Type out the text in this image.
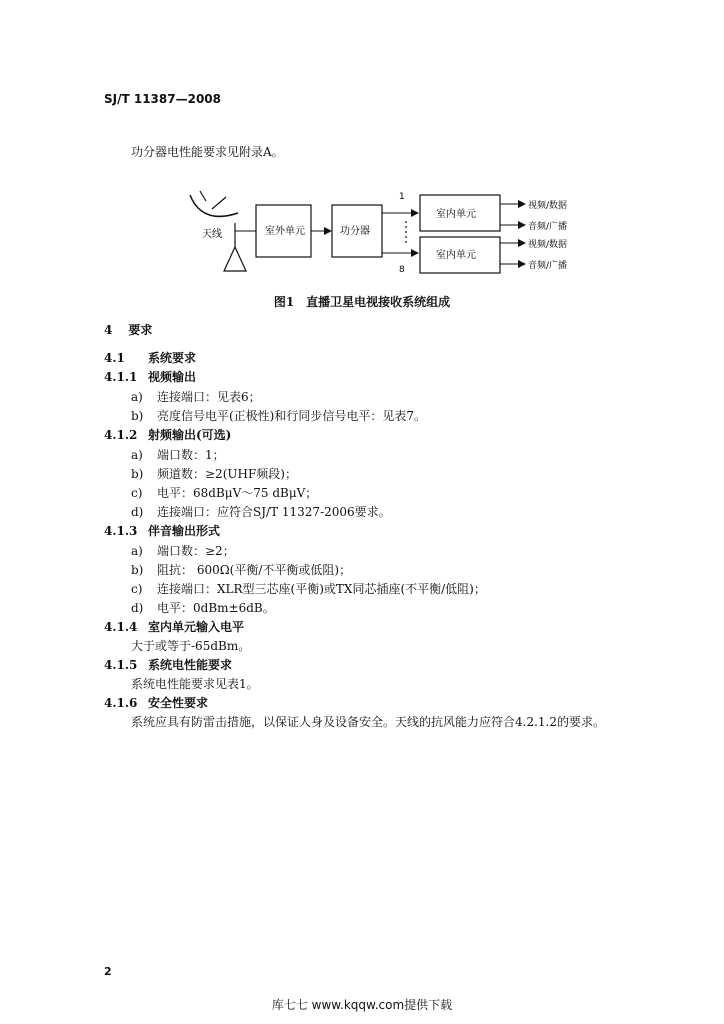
SJ/T 11387—2008
功分器电性能要求见附录A。
天线	室外单元	功分器
1
8
室内单元
室内单元
视频/数据
音频/广播
视频/数据
音频/广播
图1　直播卫星电视接收系统组成
4 要求
4.1 系统要求
4.1.1 视频输出
a) 连接端口：见表6；
b) 亮度信号电平(正极性)和行同步信号电平：见表7。
4.1.2 射频输出(可选)
a) 端口数：1；
b) 频道数：≥2(UHF频段)；
c) 电平：68dBμV～75 dBμV；
d) 连接端口：应符合SJ/T 11327-2006要求。
4.1.3 伴音输出形式
a) 端口数：≥2；
b) 阻抗： 600Ω(平衡/不平衡或低阻)；
c) 连接端口：XLR型三芯座(平衡)或TX同芯插座(不平衡/低阻)；
d) 电平：0dBm±6dB。
4.1.4 室内单元输入电平
大于或等于-65dBm。
4.1.5 系统电性能要求
系统电性能要求见表1。
4.1.6 安全性要求
系统应具有防雷击措施，以保证人身及设备安全。天线的抗风能力应符合4.2.1.2的要求。
2
库七七 www.kqqw.com提供下载
